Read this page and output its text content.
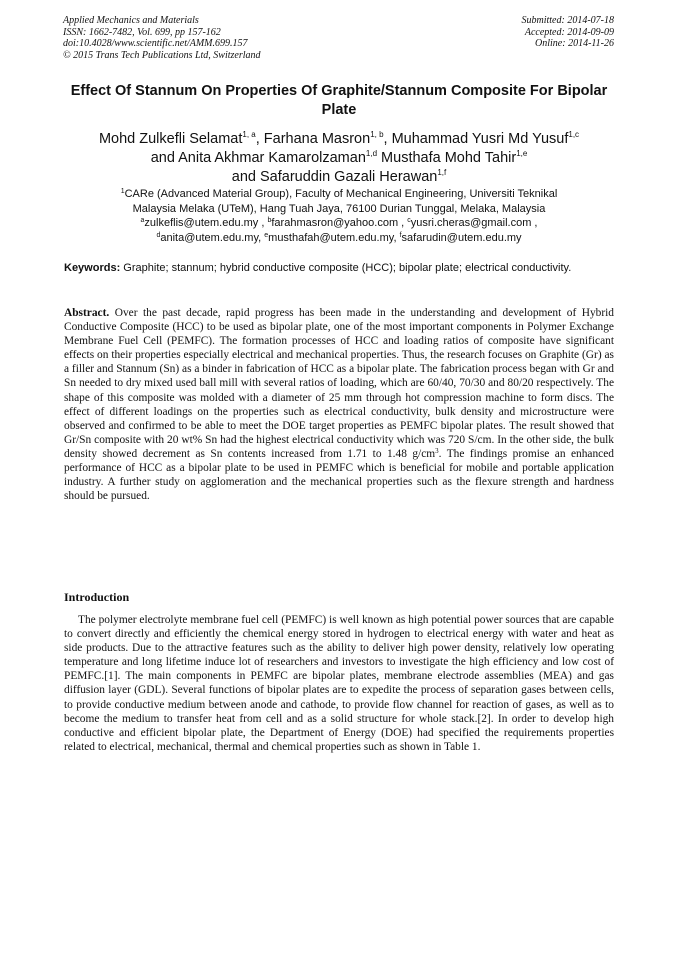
Applied Mechanics and Materials
ISSN: 1662-7482, Vol. 699, pp 157-162
doi:10.4028/www.scientific.net/AMM.699.157
© 2015 Trans Tech Publications Ltd, Switzerland
Submitted: 2014-07-18
Accepted: 2014-09-09
Online: 2014-11-26
Effect Of Stannum On Properties Of Graphite/Stannum Composite For Bipolar Plate
Mohd Zulkefli Selamat$^{1, a}$, Farhana Masron$^{1, b}$, Muhammad Yusri Md Yusuf$^{1,c}$
and Anita Akhmar Kamarolzaman$^{1,d}$ Musthafa Mohd Tahir$^{1,e}$
and Safaruddin Gazali Herawan$^{1,f}$
$^1$CARe (Advanced Material Group), Faculty of Mechanical Engineering, Universiti Teknikal
Malaysia Melaka (UTeM), Hang Tuah Jaya, 76100 Durian Tunggal, Melaka, Malaysia
$^a$zulkeflis@utem.edu.my , $^b$farahmasron@yahoo.com , $^c$yusri.cheras@gmail.com ,
$^d$anita@utem.edu.my, $^e$musthafah@utem.edu.my, $^f$safarudin@utem.edu.my
Keywords: Graphite; stannum; hybrid conductive composite (HCC); bipolar plate; electrical conductivity.
Abstract. Over the past decade, rapid progress has been made in the understanding and development of Hybrid Conductive Composite (HCC) to be used as bipolar plate, one of the most important components in Polymer Exchange Membrane Fuel Cell (PEMFC). The formation processes of HCC and loading ratios of composite have significant effects on their properties especially electrical and mechanical properties. Thus, the research focuses on Graphite (Gr) as a filler and Stannum (Sn) as a binder in fabrication of HCC as a bipolar plate. The fabrication process began with Gr and Sn needed to dry mixed used ball mill with several ratios of loading, which are 60/40, 70/30 and 80/20 respectively. The shape of this composite was molded with a diameter of 25 mm through hot compression machine to form discs. The effect of different loadings on the properties such as electrical conductivity, bulk density and microstructure were observed and confirmed to be able to meet the DOE target properties as PEMFC bipolar plates. The result showed that Gr/Sn composite with 20 wt% Sn had the highest electrical conductivity which was 720 S/cm. In the other side, the bulk density showed decrement as Sn contents increased from 1.71 to 1.48 $g/cm^3$. The findings promise an enhanced performance of HCC as a bipolar plate to be used in PEMFC which is beneficial for mobile and portable application industry. A further study on agglomeration and the mechanical properties such as the flexure strength and hardness should be pursued.
Introduction

The polymer electrolyte membrane fuel cell (PEMFC) is well known as high potential power sources that are capable to convert directly and efficiently the chemical energy stored in hydrogen to electrical energy with water and heat as side products. Due to the attractive features such as the ability to deliver high power density, relatively low operating temperature and long lifetime induce lot of researchers and investors to investigate the high efficiency and low cost of PEMFC.[1]. The main components in PEMFC are bipolar plates, membrane electrode assemblies (MEA) and gas diffusion layer (GDL). Several functions of bipolar plates are to expedite the process of separation gases between cells, to provide conductive medium between anode and cathode, to provide flow channel for reaction of gases, as well as to become the medium to transfer heat from cell and as a solid structure for whole stack.[2]. In order to develop high conductive and efficient bipolar plate, the Department of Energy (DOE) had specified the requirements properties related to electrical, mechanical, thermal and chemical properties such as shown in Table 1.
